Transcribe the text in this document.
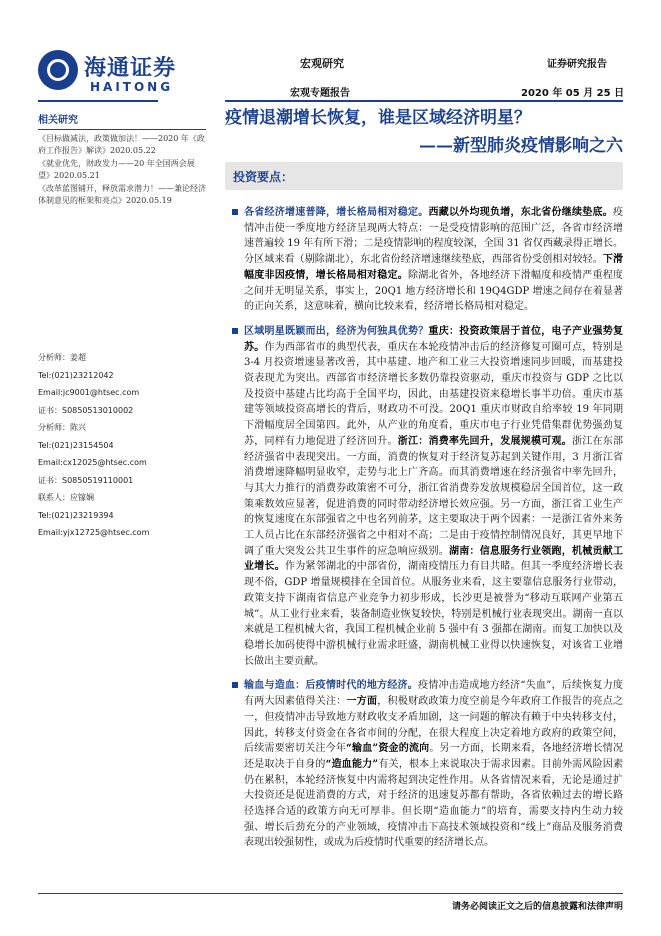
海通证券
HAITONG
宏观研究	证券研究报告
宏观专题报告	2020 年 05 月 25 日
疫情退潮增长恢复，谁是区域经济明星？
——新型肺炎疫情影响之六
投资要点：
相关研究
《目标做减法，政策做加法！——2020 年《政府工作报告》解读》2020.05.22
《就业优先，财政发力——20 年全国两会展望》2020.05.21
《改革蓝图铺开，释放需求潜力！——兼论经济体制意见的框架和亮点》2020.05.19
分析师：姜超
Tel:(021)23212042
Email:jc9001@htsec.com
证书：S0850513010002
分析师：陈兴
Tel:(021)23154504
Email:cx12025@htsec.com
证书：S0850519110001
联系人：应镓娴
Tel:(021)23219394
Email:yjx12725@htsec.com
各省经济增速普降，增长格局相对稳定。西藏以外均现负增，东北省份继续垫底。疫情冲击使一季度地方经济呈现两大特点：一是受疫情影响的范围广泛，各省市经济增速普遍较 19 年有所下滑；二是疫情影响的程度较深，全国 31 省仅西藏录得正增长。分区域来看（剔除湖北），东北省份经济增速继续垫底，西部省份受创相对较轻。下滑幅度非因疫情，增长格局相对稳定。除湖北省外，各地经济下滑幅度和疫情严重程度之间并无明显关系，事实上，20Q1 地方经济增长和 19Q4GDP 增速之间存在着显著的正向关系，这意味着，横向比较来看，经济增长格局相对稳定。
区域明星既颖而出，经济为何独具优势？重庆：投资政策居于首位，电子产业强势复苏。作为西部省市的典型代表，重庆在本轮疫情冲击后的经济修复可圈可点，特别是 3-4 月投资增速显著改善，其中基建、地产和工业三大投资增速同步回暖，而基建投资表现尤为突出。西部省市经济增长多数仍靠投资驱动，重庆市投资与 GDP 之比以及投资中基建占比均高于全国平均，因此，由基建投资来稳增长事半功倍。重庆市基建等领域投资高增长的背后，财政功不可没。20Q1 重庆市财政自给率较 19 年同期下滑幅度居全国第四。此外，从产业的角度看，重庆市电子行业凭借集群优势强劲复苏，同样有力地促进了经济回升。浙江：消费率先回升，发展规模可观。浙江在东部经济强省中表现突出。一方面，消费的恢复对于经济复苏起到关键作用，3 月浙江省消费增速降幅明显收窄，走势与北上广齐高。而其消费增速在经济强省中率先回升，与其大力推行的消费券政策密不可分，浙江省消费券发放规模稳居全国首位，这一政策乘数效应显著，促进消费的同时带动经济增长效应强。另一方面，浙江省工业生产的恢复速度在东部强省之中也名列前茅，这主要取决于两个因素：一是浙江省外来务工人员占比在东部经济强省之中相对不高；二是由于疫情控制情况良好，其更早地下调了重大突发公共卫生事件的应急响应级别。湖南：信息服务行业领跑，机械贡献工业增长。作为紧邻湖北的中部省份，湖南疫情压力有目共睹。但其一季度经济增长表现不俗，GDP 增量规模排在全国首位。从服务业来看，这主要靠信息服务行业带动，政策支持下湖南省信息产业竞争力初步形成，长沙更是被誉为“移动互联网产业第五城”。从工业行业来看，装备制造业恢复较快，特别是机械行业表现突出。湖南一直以来就是工程机械大省，我国工程机械企业前 5 强中有 3 强都在湖南。而复工加快以及稳增长加码使得中游机械行业需求旺盛，湖南机械工业得以快速恢复，对该省工业增长做出主要贡献。
输血与造血：后疫情时代的地方经济。疫情冲击造成地方经济“失血”，后续恢复力度有两大因素值得关注：一方面，积极财政政策力度空前是今年政府工作报告的亮点之一，但疫情冲击导致地方财政收支矛盾加剧，这一问题的解决有赖于中央转移支付，因此，转移支付资金在各省市间的分配，在很大程度上决定着地方政府的政策空间，后续需要密切关注今年“输血”资金的流向。另一方面，长期来看，各地经济增长情况还是取决于自身的“造血能力”有关，根本上来说取决于需求因素。目前外需风险因素仍在累积，本轮经济恢复中内需将起到决定性作用。从各省情况来看，无论是通过扩大投资还是促进消费的方式，对于经济的迅速复苏都有帮助，各省依赖过去的增长路径选择合适的政策方向无可厚非。但长期“造血能力”的培育，需要支持内生动力较强、增长后劲充分的产业领域，疫情冲击下高技术领域投资和“线上”商品及服务消费表现出较强韧性，或成为后疫情时代重要的经济增长点。
请务必阅读正文之后的信息披露和法律声明
